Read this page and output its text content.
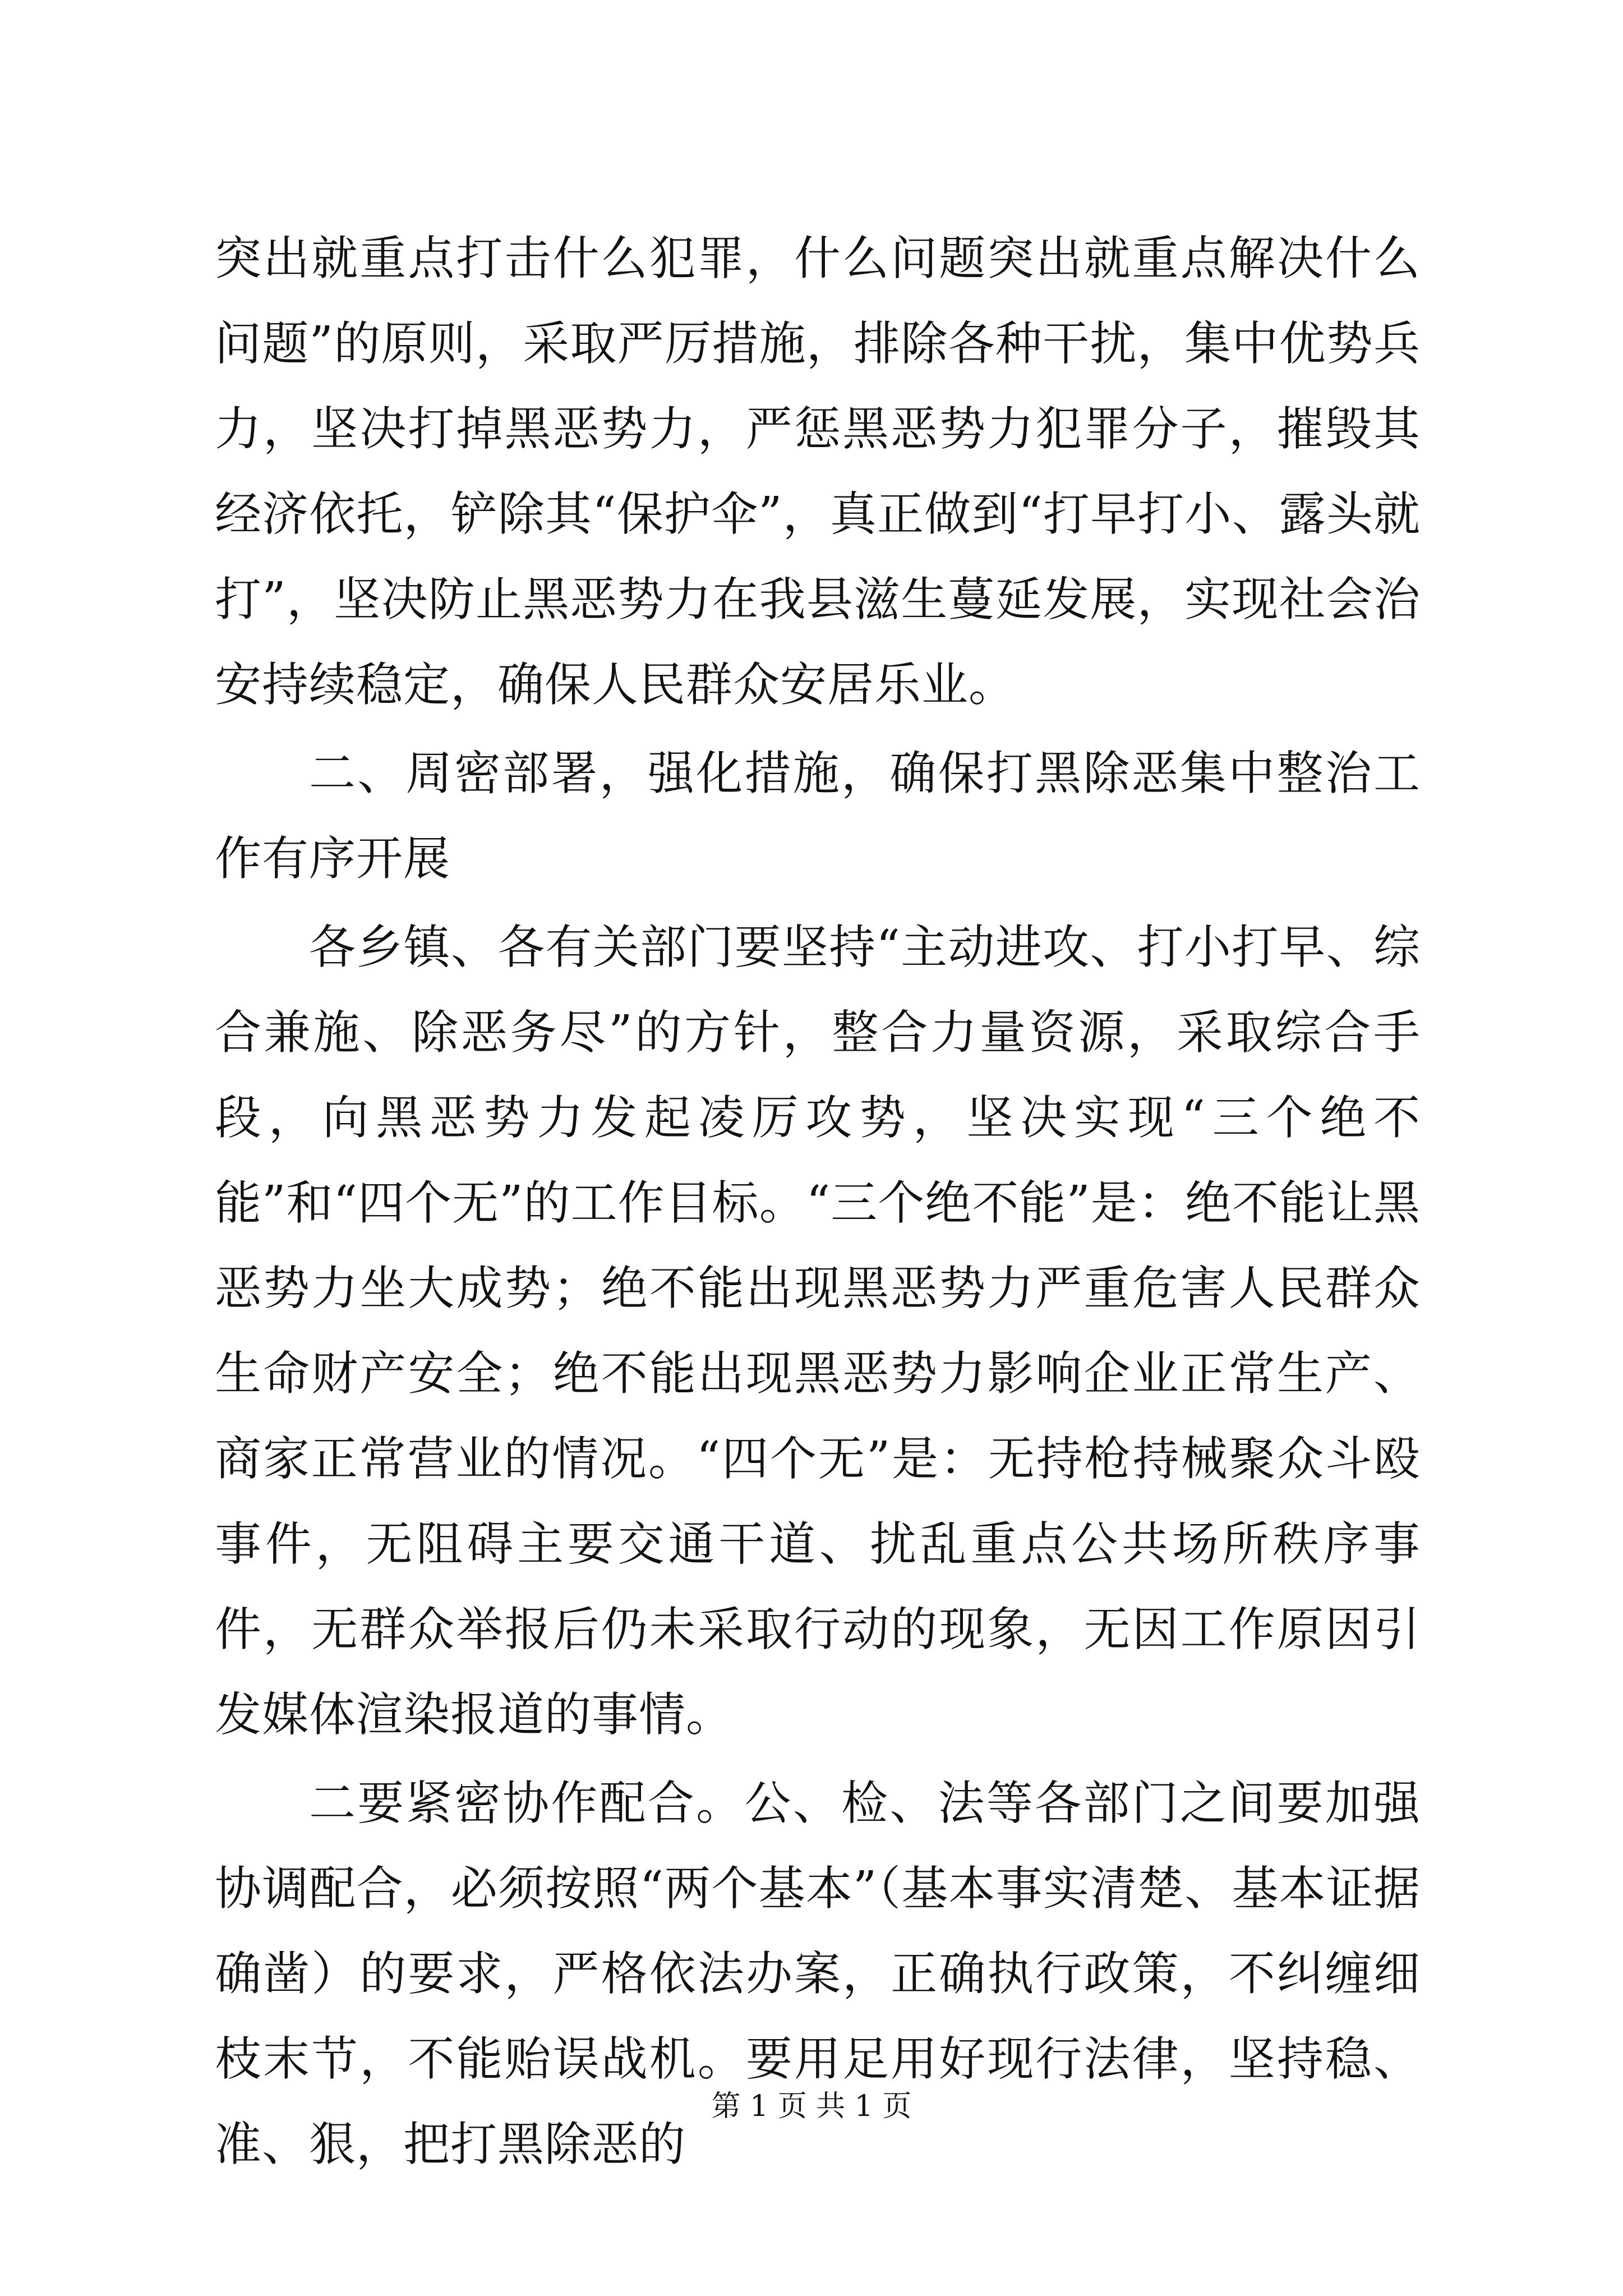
突出就重点打击什么犯罪，什么问题突出就重点解决什么问题”的原则，采取严厉措施，排除各种干扰，集中优势兵力，坚决打掉黑恶势力，严惩黑恶势力犯罪分子，摧毁其经济依托，铲除其“保护伞”，真正做到“打早打小、露头就打”，坚决防止黑恶势力在我县滋生蔓延发展，实现社会治安持续稳定，确保人民群众安居乐业。

二、周密部署，强化措施，确保打黑除恶集中整治工作有序开展

各乡镇、各有关部门要坚持“主动进攻、打小打早、综合兼施、除恶务尽”的方针，整合力量资源，采取综合手段，向黑恶势力发起凌厉攻势，坚决实现“三个绝不能”和“四个无”的工作目标。“三个绝不能”是：绝不能让黑恶势力坐大成势；绝不能出现黑恶势力严重危害人民群众生命财产安全；绝不能出现黑恶势力影响企业正常生产、商家正常营业的情况。“四个无”是：无持枪持械聚众斗殴事件，无阻碍主要交通干道、扰乱重点公共场所秩序事件，无群众举报后仍未采取行动的现象，无因工作原因引发媒体渲染报道的事情。

二要紧密协作配合。公、检、法等各部门之间要加强协调配合，必须按照“两个基本”（基本事实清楚、基本证据确凿）的要求，严格依法办案，正确执行政策，不纠缠细枝末节，不能贻误战机。要用足用好现行法律，坚持稳、准、狠，把打黑除恶的

第 1 页 共 1 页
